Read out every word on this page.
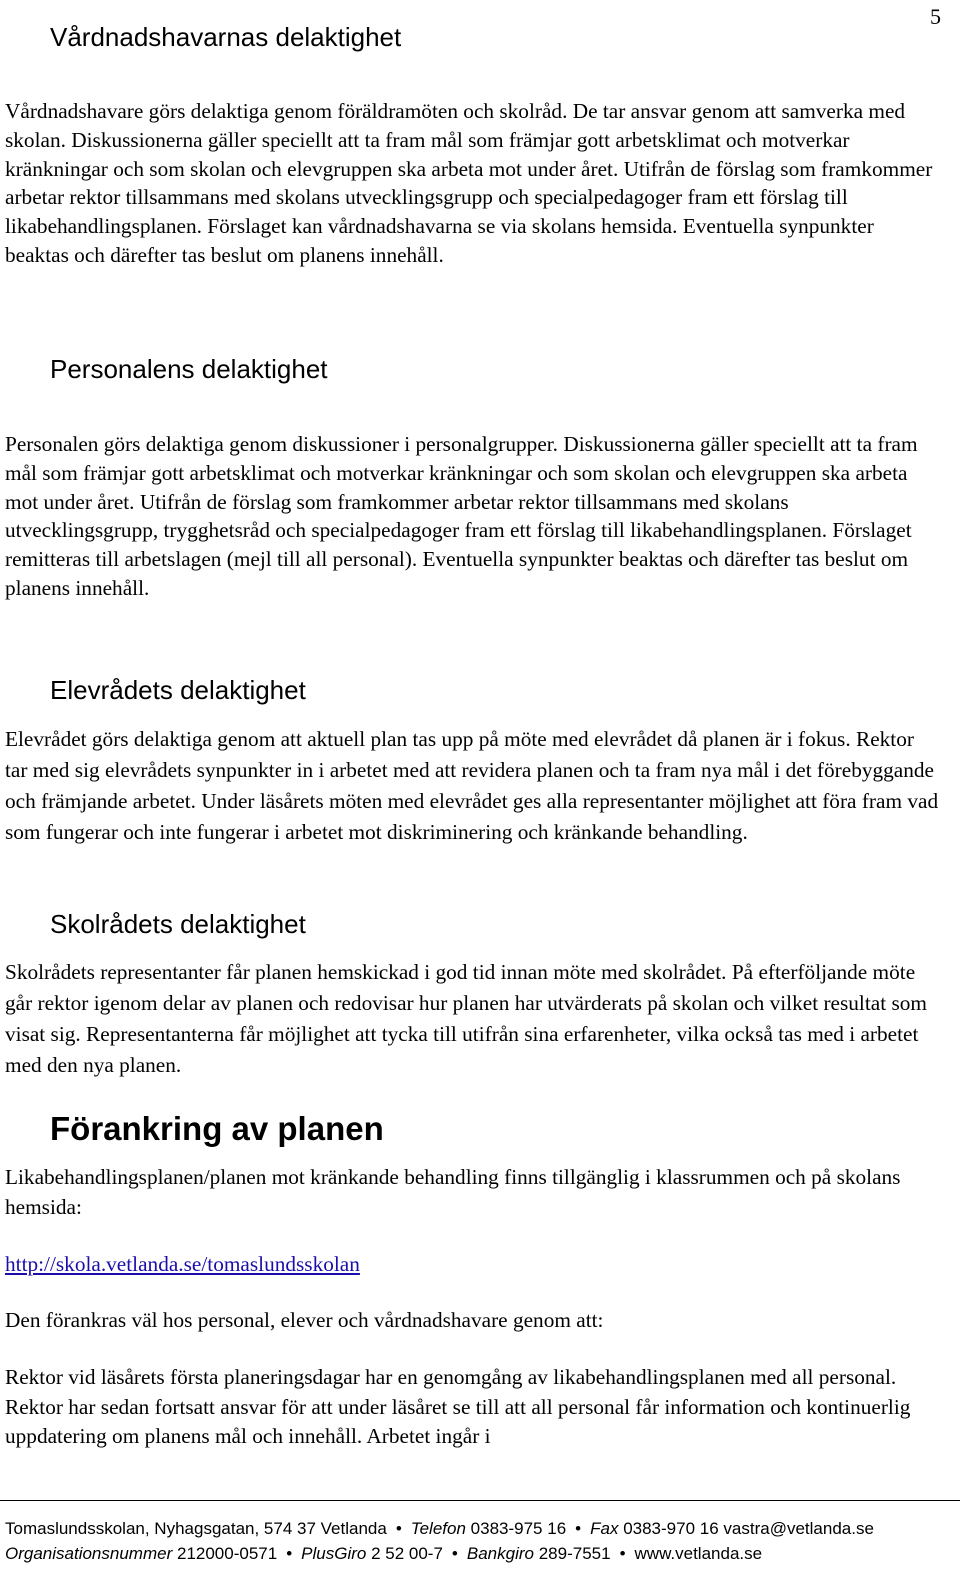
5
Vårdnadshavarnas delaktighet

Vårdnadshavare görs delaktiga genom föräldramöten och skolråd. De tar ansvar genom att samverka med skolan. Diskussionerna gäller speciellt att ta fram mål som främjar gott arbetsklimat och motverkar kränkningar och som skolan och elevgruppen ska arbeta mot under året. Utifrån de förslag som framkommer arbetar rektor tillsammans med skolans utvecklingsgrupp och specialpedagoger fram ett förslag till likabehandlingsplanen. Förslaget kan vårdnadshavarna se via skolans hemsida. Eventuella synpunkter beaktas och därefter tas beslut om planens innehåll.

Personalens delaktighet

Personalen görs delaktiga genom diskussioner i personalgrupper. Diskussionerna gäller speciellt att ta fram mål som främjar gott arbetsklimat och motverkar kränkningar och som skolan och elevgruppen ska arbeta mot under året. Utifrån de förslag som framkommer arbetar rektor tillsammans med skolans utvecklingsgrupp, trygghetsråd och specialpedagoger fram ett förslag till likabehandlingsplanen. Förslaget remitteras till arbetslagen (mejl till all personal). Eventuella synpunkter beaktas och därefter tas beslut om planens innehåll.

Elevrådets delaktighet

Elevrådet görs delaktiga genom att aktuell plan tas upp på möte med elevrådet då planen är i fokus. Rektor tar med sig elevrådets synpunkter in i arbetet med att revidera planen och ta fram nya mål i det förebyggande och främjande arbetet. Under läsårets möten med elevrådet ges alla representanter möjlighet att föra fram vad som fungerar och inte fungerar i arbetet mot diskriminering och kränkande behandling.

Skolrådets delaktighet

Skolrådets representanter får planen hemskickad i god tid innan möte med skolrådet. På efterföljande möte går rektor igenom delar av planen och redovisar hur planen har utvärderats på skolan och vilket resultat som visat sig. Representanterna får möjlighet att tycka till utifrån sina erfarenheter, vilka också tas med i arbetet med den nya planen.

Förankring av planen

Likabehandlingsplanen/planen mot kränkande behandling finns tillgänglig i klassrummen och på skolans hemsida:

http://skola.vetlanda.se/tomaslundsskolan

Den förankras väl hos personal, elever och vårdnadshavare genom att:

Rektor vid läsårets första planeringsdagar har en genomgång av likabehandlingsplanen med all personal. Rektor har sedan fortsatt ansvar för att under läsåret se till att all personal får information och kontinuerlig uppdatering om planens mål och innehåll. Arbetet ingår i

Tomaslundsskolan, Nyhagsgatan, 574 37 Vetlanda • Telefon 0383-975 16 • Fax 0383-970 16 vastra@vetlanda.se
Organisationsnummer 212000-0571 • PlusGiro 2 52 00-7 • Bankgiro 289-7551 • www.vetlanda.se
